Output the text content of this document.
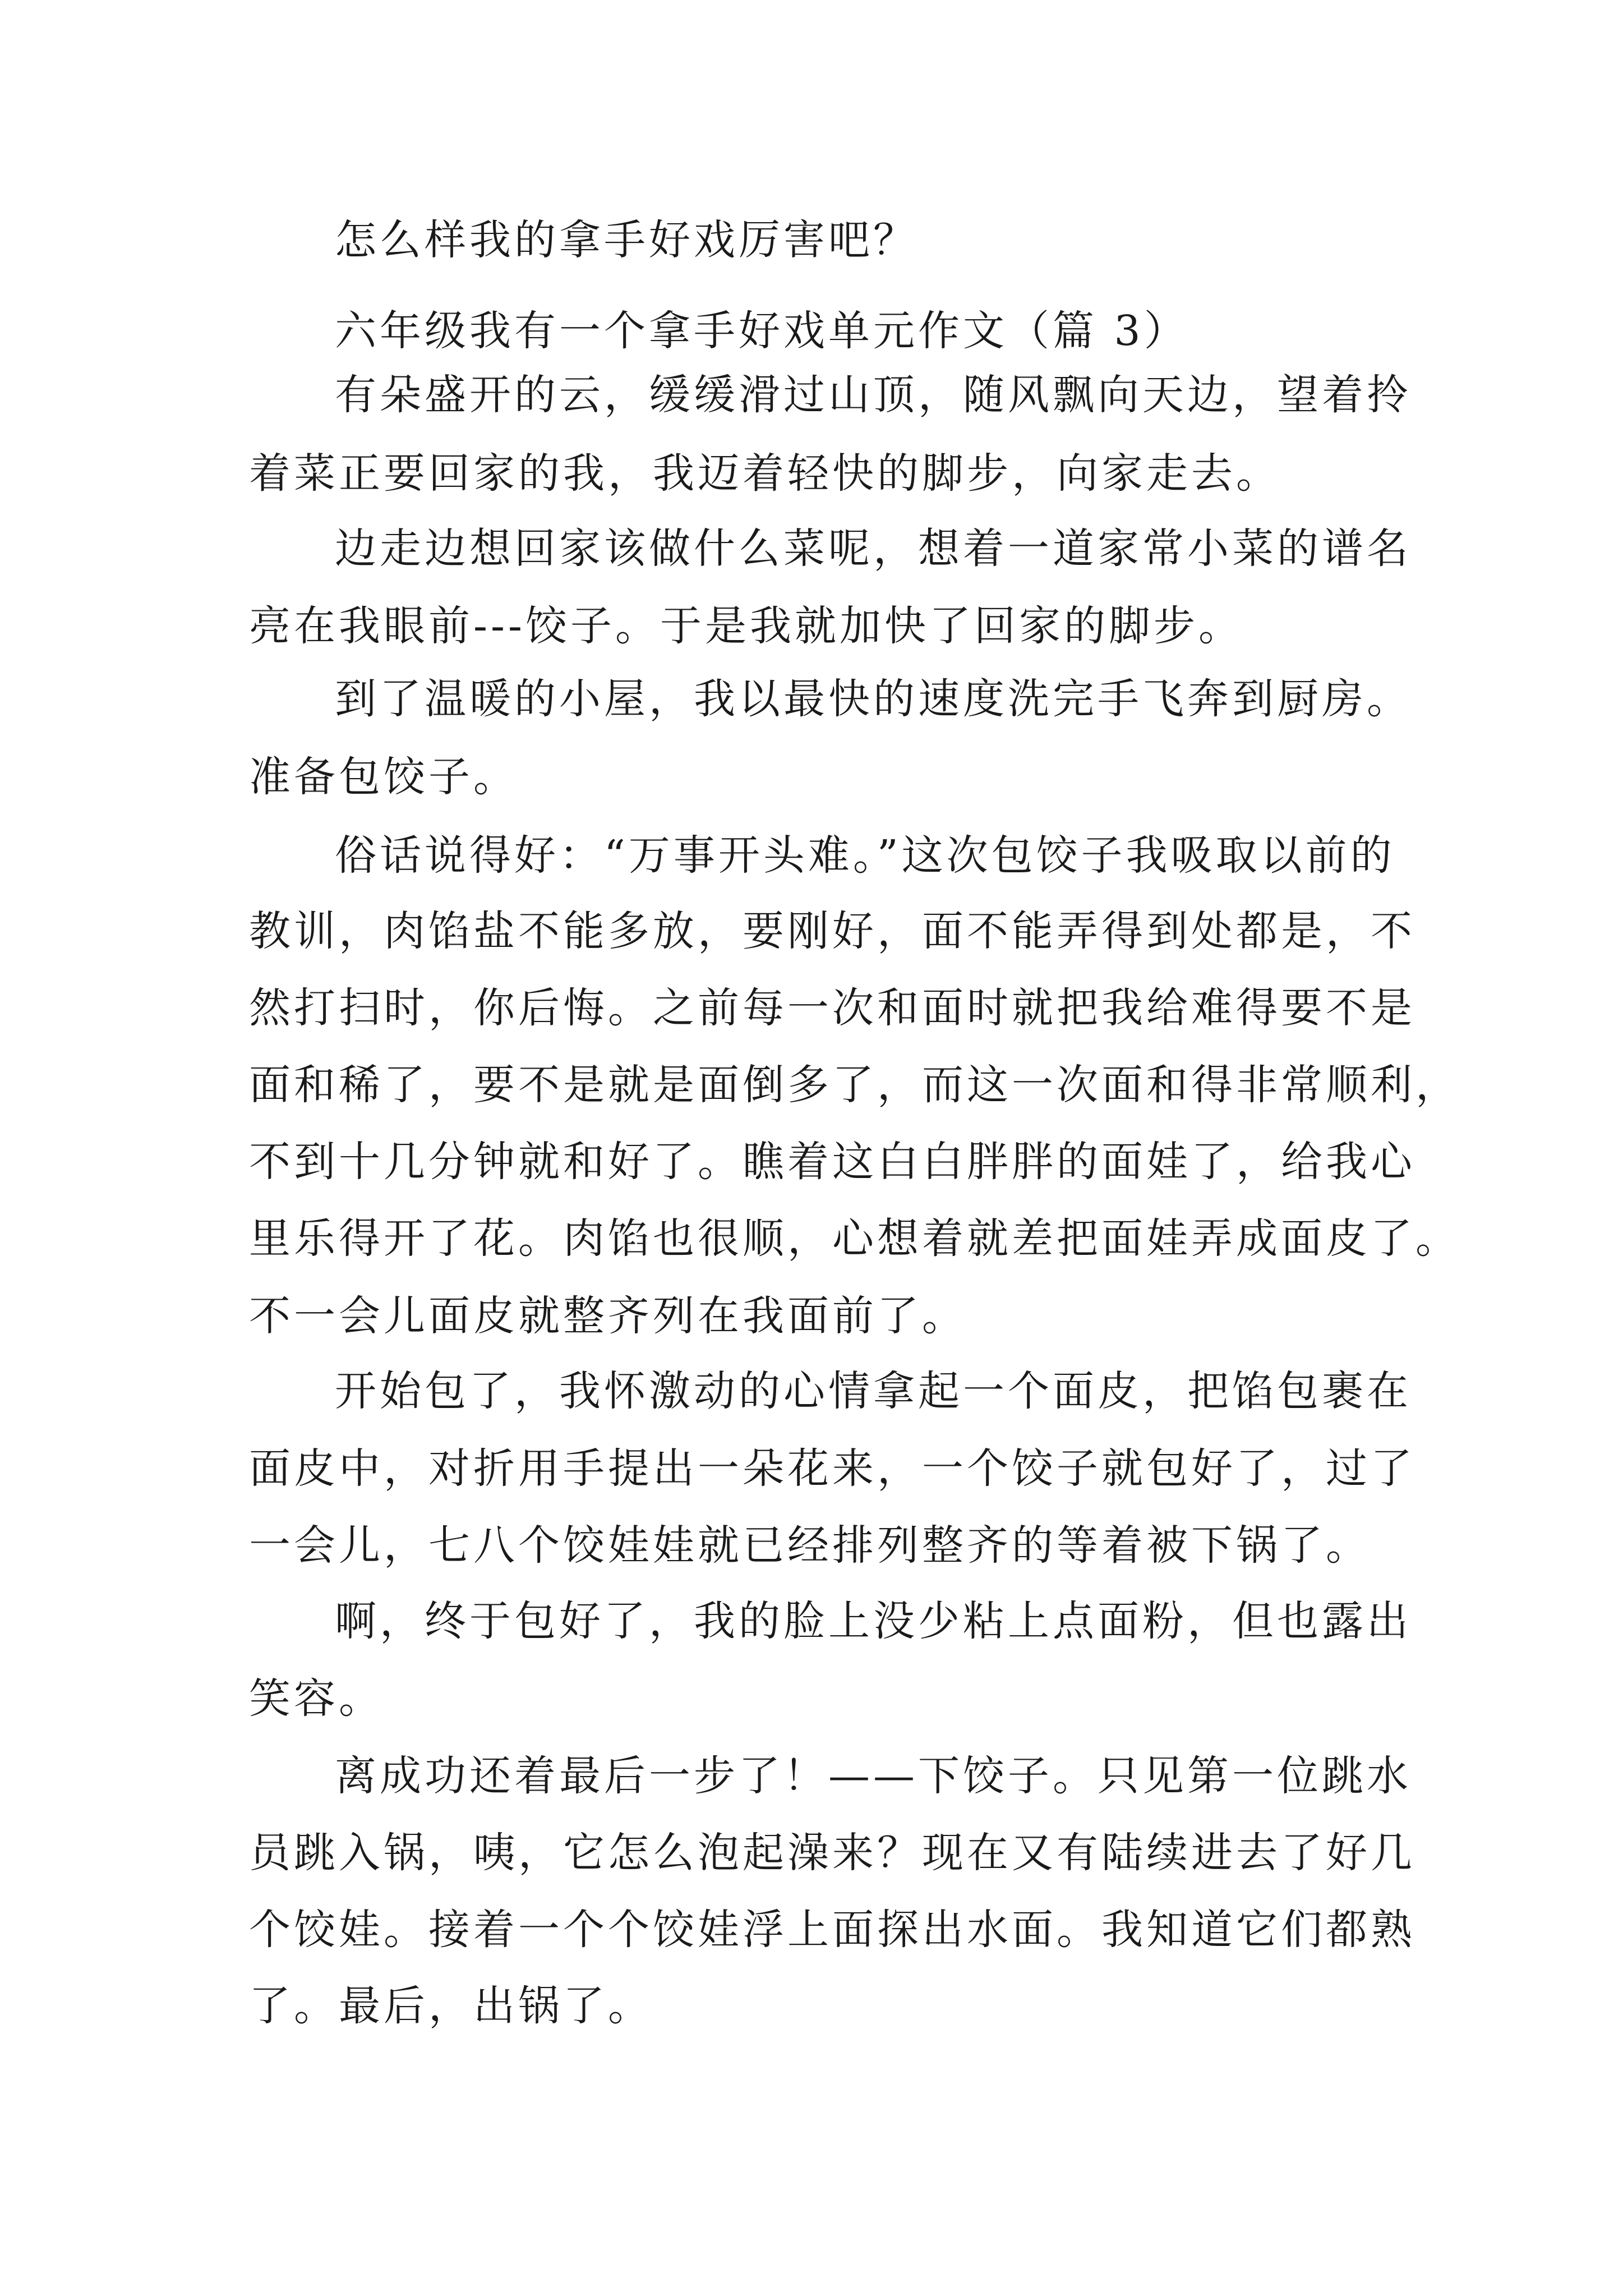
怎么样我的拿手好戏厉害吧？
六年级我有一个拿手好戏单元作文（篇 3）
有朵盛开的云，缓缓滑过山顶，随风飘向天边，望着拎
着菜正要回家的我，我迈着轻快的脚步，向家走去。
边走边想回家该做什么菜呢，想着一道家常小菜的谱名
亮在我眼前---饺子。于是我就加快了回家的脚步。
到了温暖的小屋，我以最快的速度洗完手飞奔到厨房。
准备包饺子。
俗话说得好：“万事开头难。”这次包饺子我吸取以前的
教训，肉馅盐不能多放，要刚好，面不能弄得到处都是，不
然打扫时，你后悔。之前每一次和面时就把我给难得要不是
面和稀了，要不是就是面倒多了，而这一次面和得非常顺利，
不到十几分钟就和好了。瞧着这白白胖胖的面娃了，给我心
里乐得开了花。肉馅也很顺，心想着就差把面娃弄成面皮了。
不一会儿面皮就整齐列在我面前了。
开始包了，我怀激动的心情拿起一个面皮，把馅包裹在
面皮中，对折用手提出一朵花来，一个饺子就包好了，过了
一会儿，七八个饺娃娃就已经排列整齐的等着被下锅了。
啊，终于包好了，我的脸上没少粘上点面粉，但也露出
笑容。
离成功还着最后一步了！——下饺子。只见第一位跳水
员跳入锅，咦，它怎么泡起澡来？现在又有陆续进去了好几
个饺娃。接着一个个饺娃浮上面探出水面。我知道它们都熟
了。最后，出锅了。
